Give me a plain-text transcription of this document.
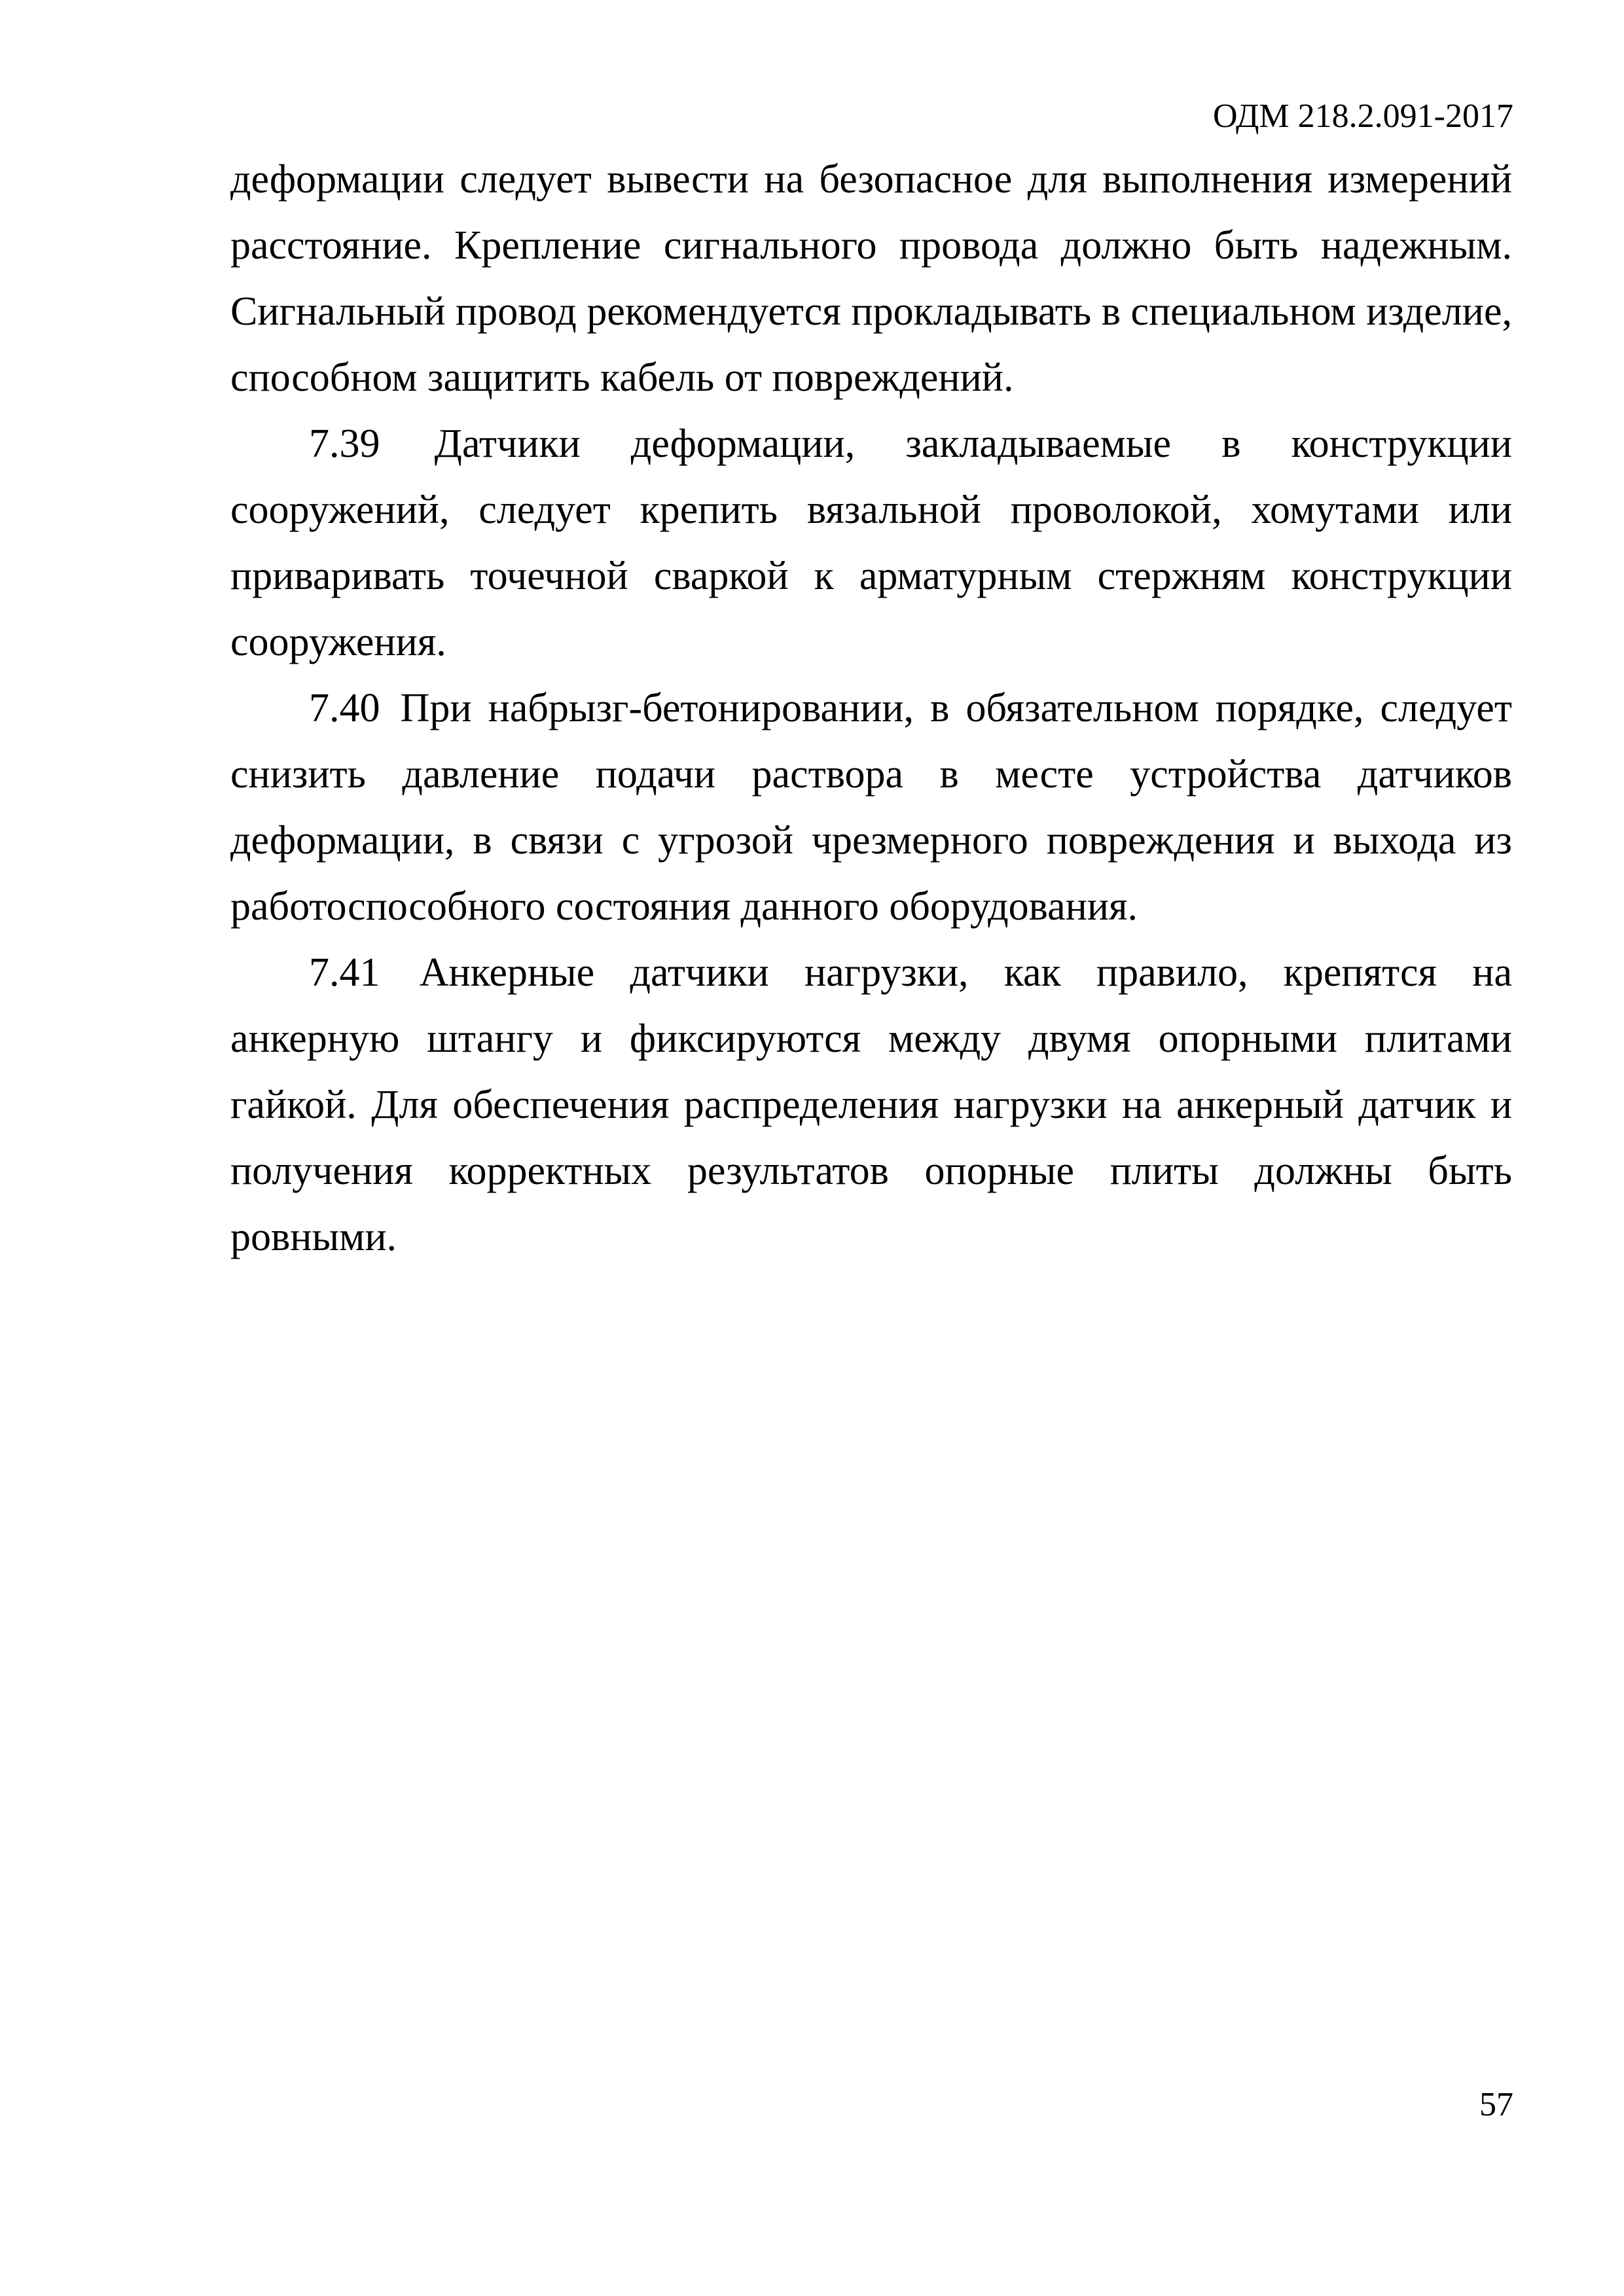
ОДМ 218.2.091-2017

деформации следует вывести на безопасное для выполнения измерений расстояние. Крепление сигнального провода должно быть надежным. Сигнальный провод рекомендуется прокладывать в специальном изделие, способном защитить кабель от повреждений.

7.39 Датчики деформации, закладываемые в конструкции сооружений, следует крепить вязальной проволокой, хомутами или приваривать точечной сваркой к арматурным стержням конструкции сооружения.

7.40 При набрызг-бетонировании, в обязательном порядке, следует снизить давление подачи раствора в месте устройства датчиков деформации, в связи с угрозой чрезмерного повреждения и выхода из работоспособного состояния данного оборудования.

7.41 Анкерные датчики нагрузки, как правило, крепятся на анкерную штангу и фиксируются между двумя опорными плитами гайкой. Для обеспечения распределения нагрузки на анкерный датчик и получения корректных результатов опорные плиты должны быть ровными.

57
